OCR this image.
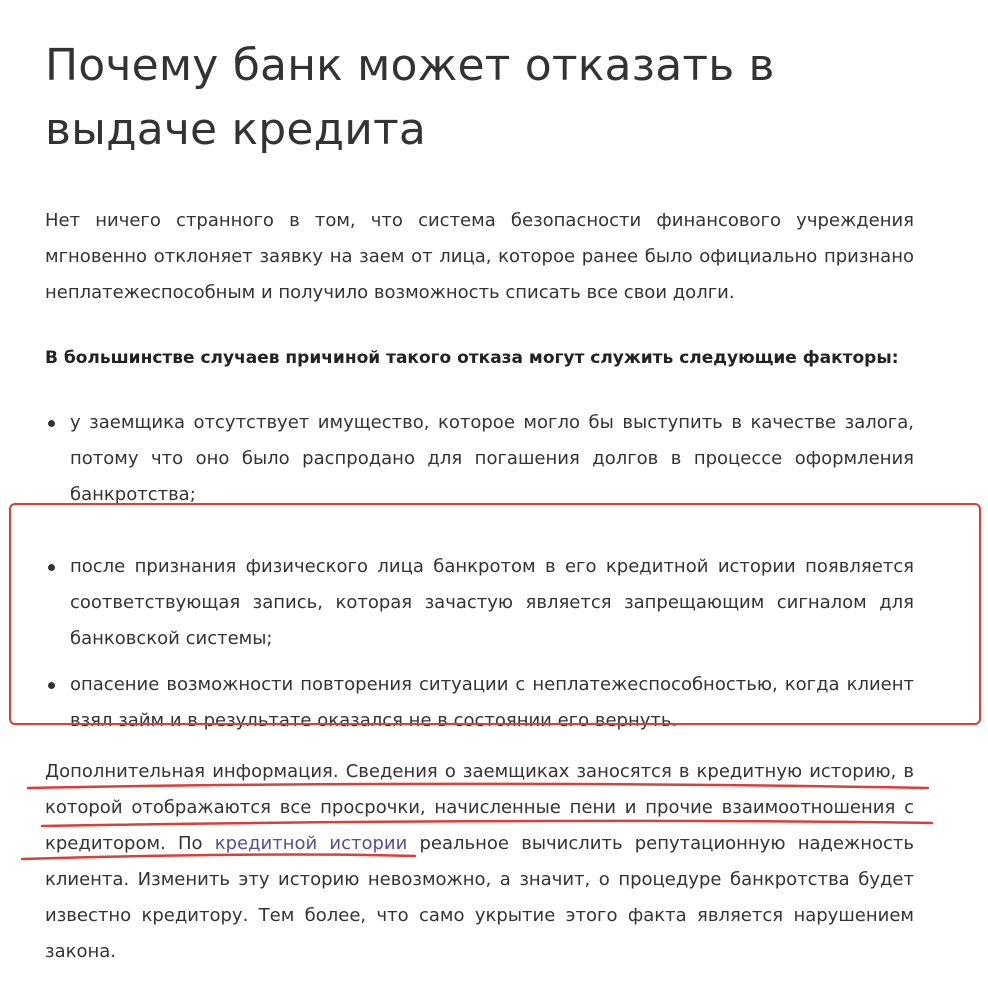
Почему банк может отказать в выдаче кредита

Нет ничего странного в том, что система безопасности финансового учреждения мгновенно отклоняет заявку на заем от лица, которое ранее было официально признано неплатежеспособным и получило возможность списать все свои долги.

В большинстве случаев причиной такого отказа могут служить следующие факторы:

у заемщика отсутствует имущество, которое могло бы выступить в качестве залога, потому что оно было распродано для погашения долгов в процессе оформления банкротства;
после признания физического лица банкротом в его кредитной истории появляется соответствующая запись, которая зачастую является запрещающим сигналом для банковской системы;
опасение возможности повторения ситуации с неплатежеспособностью, когда клиент взял займ и в результате оказался не в состоянии его вернуть.

Дополнительная информация. Сведения о заемщиках заносятся в кредитную историю, в которой отображаются все просрочки, начисленные пени и прочие взаимоотношения с кредитором. По кредитной истории реальное вычислить репутационную надежность клиента. Изменить эту историю невозможно, а значит, о процедуре банкротства будет известно кредитору. Тем более, что само укрытие этого факта является нарушением закона.
